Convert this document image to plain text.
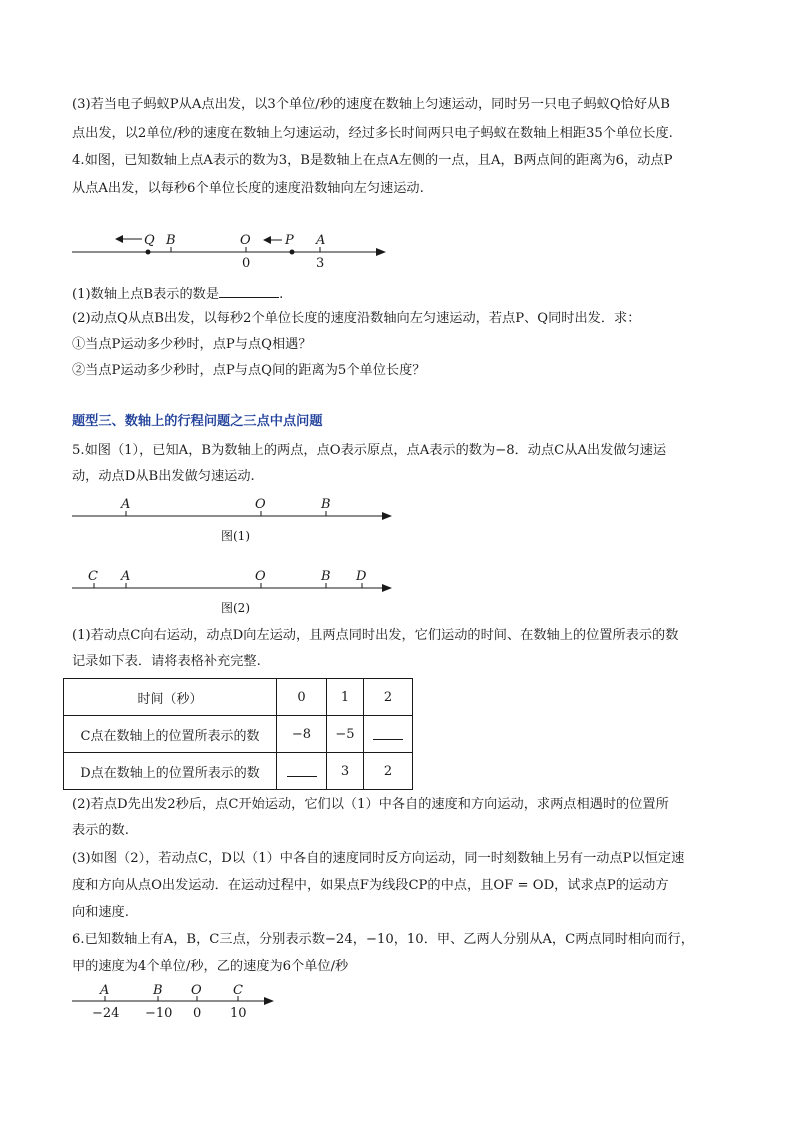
(3)若当电子蚂蚁P从A点出发，以3个单位/秒的速度在数轴上匀速运动，同时另一只电子蚂蚁Q恰好从B
点出发，以2单位/秒的速度在数轴上匀速运动，经过多长时间两只电子蚂蚁在数轴上相距35个单位长度.
4.如图，已知数轴上点A表示的数为3，B是数轴上在点A左侧的一点，且A，B两点间的距离为6，动点P
从点A出发，以每秒6个单位长度的速度沿数轴向左匀速运动.
Q B	O	P A
0	3
(1)数轴上点B表示的数是	.
(2)动点Q从点B出发，以每秒2个单位长度的速度沿数轴向左匀速运动，若点P、Q同时出发．求：
①当点P运动多少秒时，点P与点Q相遇？
②当点P运动多少秒时，点P与点Q间的距离为5个单位长度？
题型三、数轴上的行程问题之三点中点问题
5.如图（1），已知A，B为数轴上的两点，点O表示原点，点A表示的数为−8．动点C从A出发做匀速运
动，动点D从B出发做匀速运动.
A	O	B
图(1)
C A	O	B D
图(2)
(1)若动点C向右运动，动点D向左运动，且两点同时出发，它们运动的时间、在数轴上的位置所表示的数
记录如下表．请将表格补充完整.
时间（秒）	0	1	2
C点在数轴上的位置所表示的数	−8	−5	
D点在数轴上的位置所表示的数		3	2
(2)若点D先出发2秒后，点C开始运动，它们以（1）中各自的速度和方向运动，求两点相遇时的位置所
表示的数.
(3)如图（2），若动点C，D以（1）中各自的速度同时反方向运动，同一时刻数轴上另有一动点P以恒定速
度和方向从点O出发运动．在运动过程中，如果点F为线段CP的中点，且OF = OD，试求点P的运动方
向和速度.
6.已知数轴上有A，B，C三点，分别表示数−24，−10，10．甲、乙两人分别从A，C两点同时相向而行，
甲的速度为4个单位/秒，乙的速度为6个单位/秒
A	B O C
−24 −10 0 10
